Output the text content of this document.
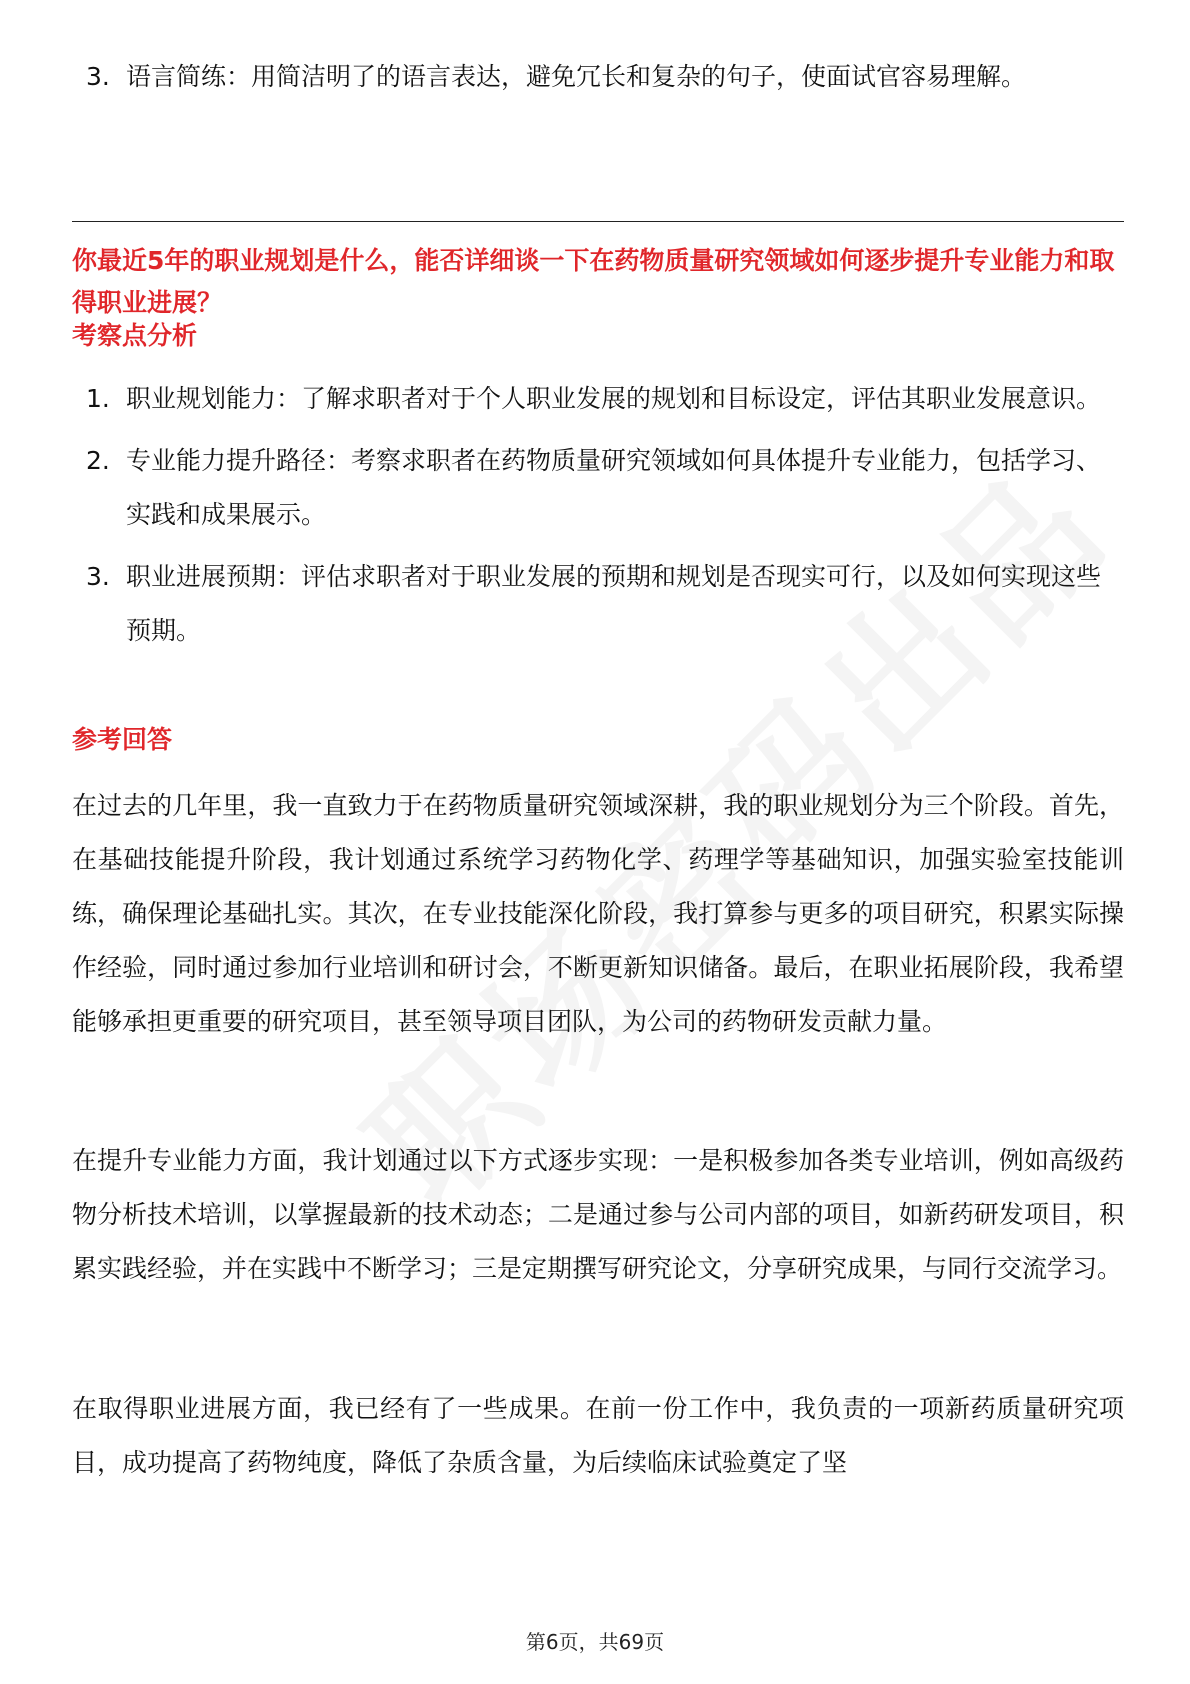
3. 语言简练：用简洁明了的语言表达，避免冗长和复杂的句子，使面试官容易理解。
你最近5年的职业规划是什么，能否详细谈一下在药物质量研究领域如何逐步提升专业能力和取得职业进展？
考察点分析
1. 职业规划能力：了解求职者对于个人职业发展的规划和目标设定，评估其职业发展意识。
2. 专业能力提升路径：考察求职者在药物质量研究领域如何具体提升专业能力，包括学习、实践和成果展示。
3. 职业进展预期：评估求职者对于职业发展的预期和规划是否现实可行，以及如何实现这些预期。
参考回答
在过去的几年里，我一直致力于在药物质量研究领域深耕，我的职业规划分为三个阶段。首先，在基础技能提升阶段，我计划通过系统学习药物化学、药理学等基础知识，加强实验室技能训练，确保理论基础扎实。其次，在专业技能深化阶段，我打算参与更多的项目研究，积累实际操作经验，同时通过参加行业培训和研讨会，不断更新知识储备。最后，在职业拓展阶段，我希望能够承担更重要的研究项目，甚至领导项目团队，为公司的药物研发贡献力量。
在提升专业能力方面，我计划通过以下方式逐步实现：一是积极参加各类专业培训，例如高级药物分析技术培训，以掌握最新的技术动态；二是通过参与公司内部的项目，如新药研发项目，积累实践经验，并在实践中不断学习；三是定期撰写研究论文，分享研究成果，与同行交流学习。
在取得职业进展方面，我已经有了一些成果。在前一份工作中，我负责的一项新药质量研究项目，成功提高了药物纯度，降低了杂质含量，为后续临床试验奠定了坚
第6页，共69页
